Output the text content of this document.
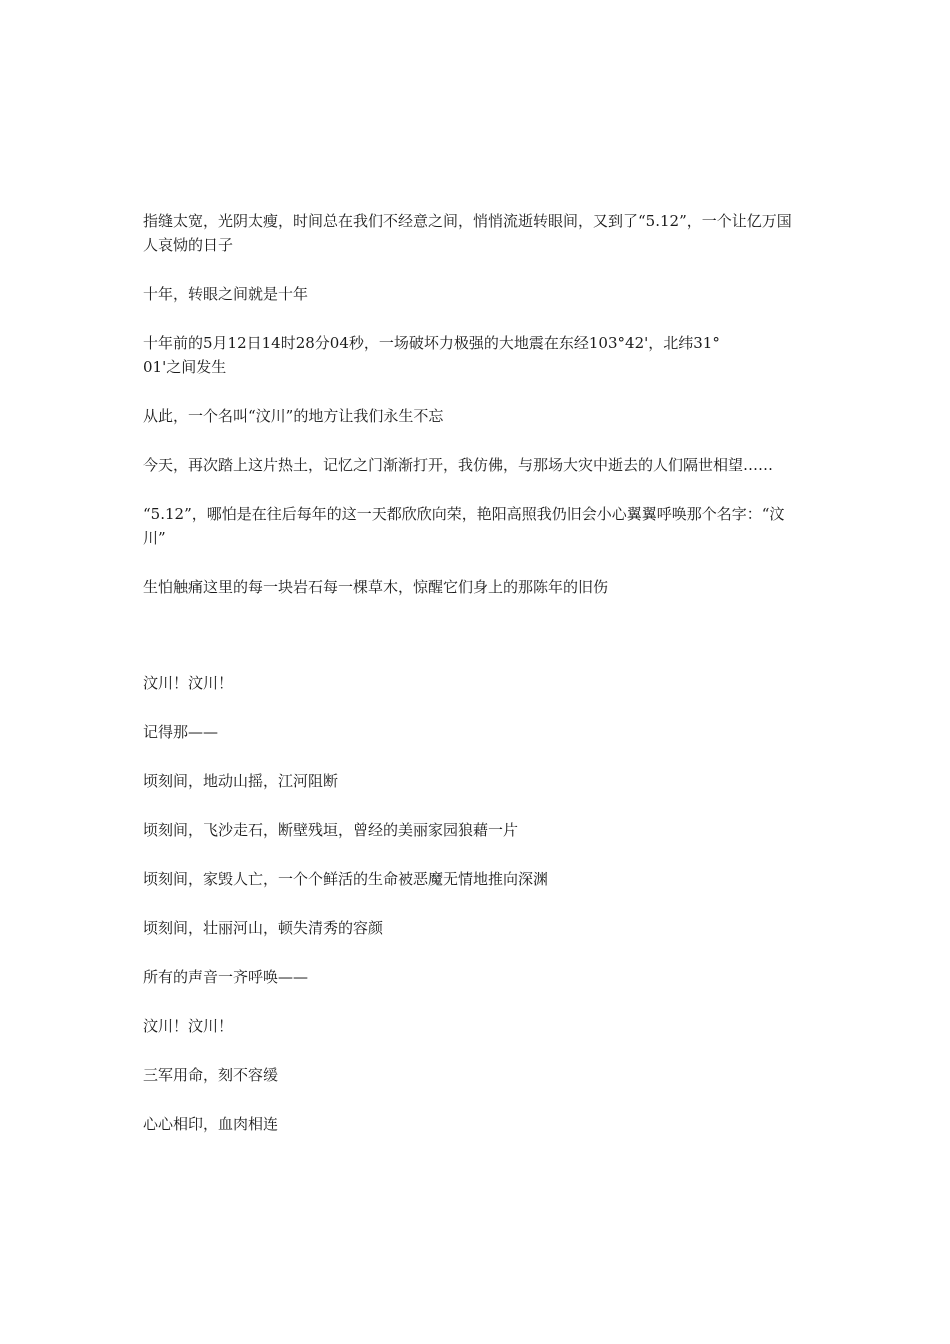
指缝太宽，光阴太瘦，时间总在我们不经意之间，悄悄流逝转眼间，又到了“5.12”，一个让亿万国人哀恸的日子

十年，转眼之间就是十年

十年前的5月12日14时28分04秒，一场破坏力极强的大地震在东经103°42'，北纬31°

01'之间发生

从此，一个名叫“汶川”的地方让我们永生不忘

今天，再次踏上这片热土，记忆之门渐渐打开，我仿佛，与那场大灾中逝去的人们隔世相望……

“5.12”，哪怕是在往后每年的这一天都欣欣向荣，艳阳高照我仍旧会小心翼翼呼唤那个名字：“汶川”

生怕触痛这里的每一块岩石每一棵草木，惊醒它们身上的那陈年的旧伤

汶川！汶川！

记得那——

顷刻间，地动山摇，江河阻断

顷刻间，飞沙走石，断壁残垣，曾经的美丽家园狼藉一片

顷刻间，家毁人亡，一个个鲜活的生命被恶魔无情地推向深渊

顷刻间，壮丽河山，顿失清秀的容颜

所有的声音一齐呼唤——

汶川！汶川！

三军用命，刻不容缓

心心相印，血肉相连
